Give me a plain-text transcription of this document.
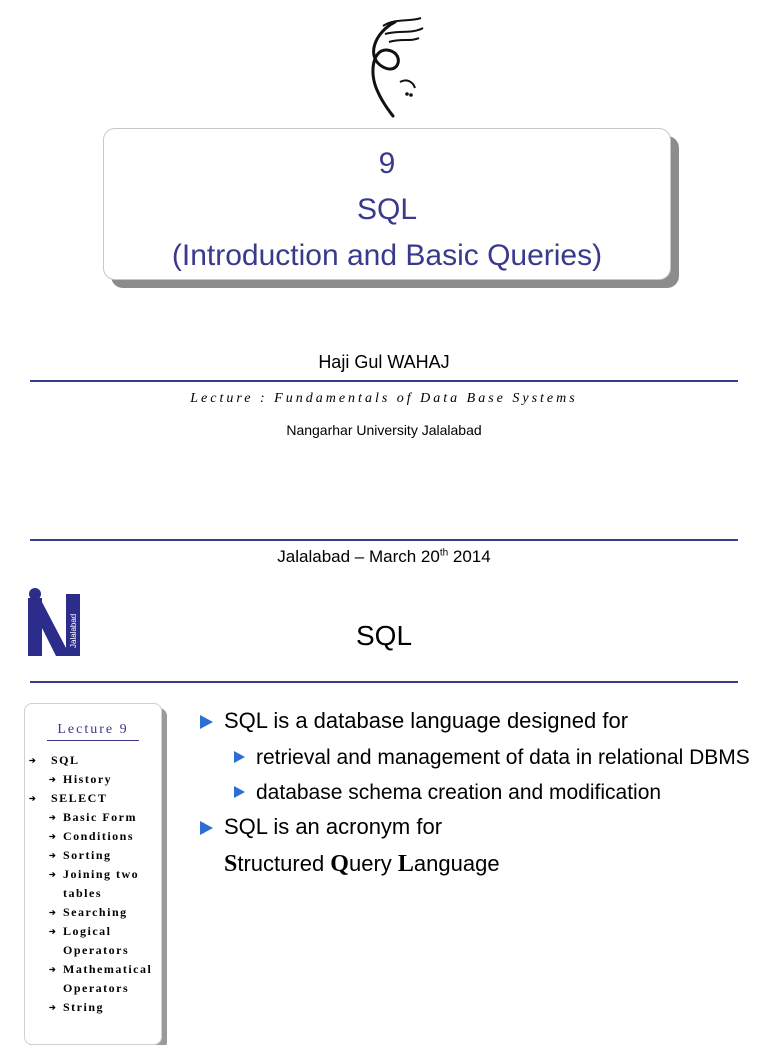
9
SQL
(Introduction and Basic Queries)
Haji Gul WAHAJ
Lecture : Fundamentals of Data Base Systems
Nangarhar University Jalalabad
Jalalabad – March 20th 2014
Jalalabad	SQL
Lecture 9
➔ SQL
➔ History
➔ SELECT
➔ Basic Form
➔ Conditions
➔ Sorting
➔ Joining two tables
➔ Searching
➔ Logical Operators
➔ Mathematical Operators
➔ String
SQL is a database language designed for
retrieval and management of data in relational DBMS
database schema creation and modification
SQL is an acronym for
Structured Query Language
